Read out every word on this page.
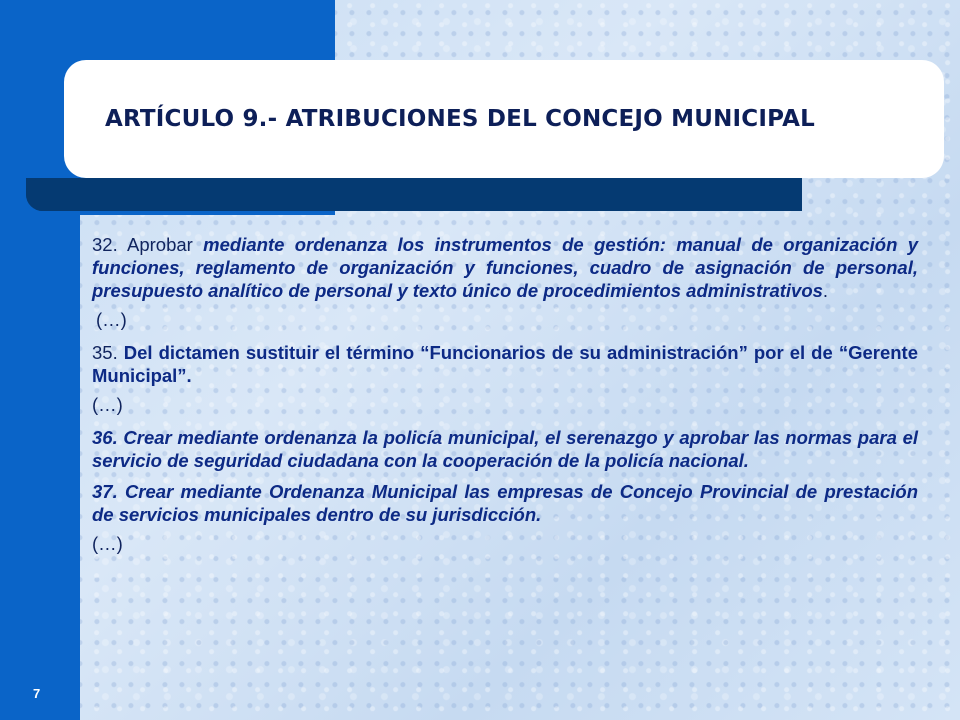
ARTÍCULO 9.- ATRIBUCIONES DEL CONCEJO MUNICIPAL

32. Aprobar mediante ordenanza los instrumentos de gestión: manual de organización y funciones, reglamento de organización y funciones, cuadro de asignación de personal, presupuesto analítico de personal y texto único de procedimientos administrativos.

(…)

35. Del dictamen sustituir el término “Funcionarios de su administración” por el de “Gerente Municipal”.

(…)

36. Crear mediante ordenanza la policía municipal, el serenazgo y aprobar las normas para el servicio de seguridad ciudadana con la cooperación de la policía nacional.

37. Crear mediante Ordenanza Municipal las empresas de Concejo Provincial de prestación de servicios municipales dentro de su jurisdicción.

(…)
7
